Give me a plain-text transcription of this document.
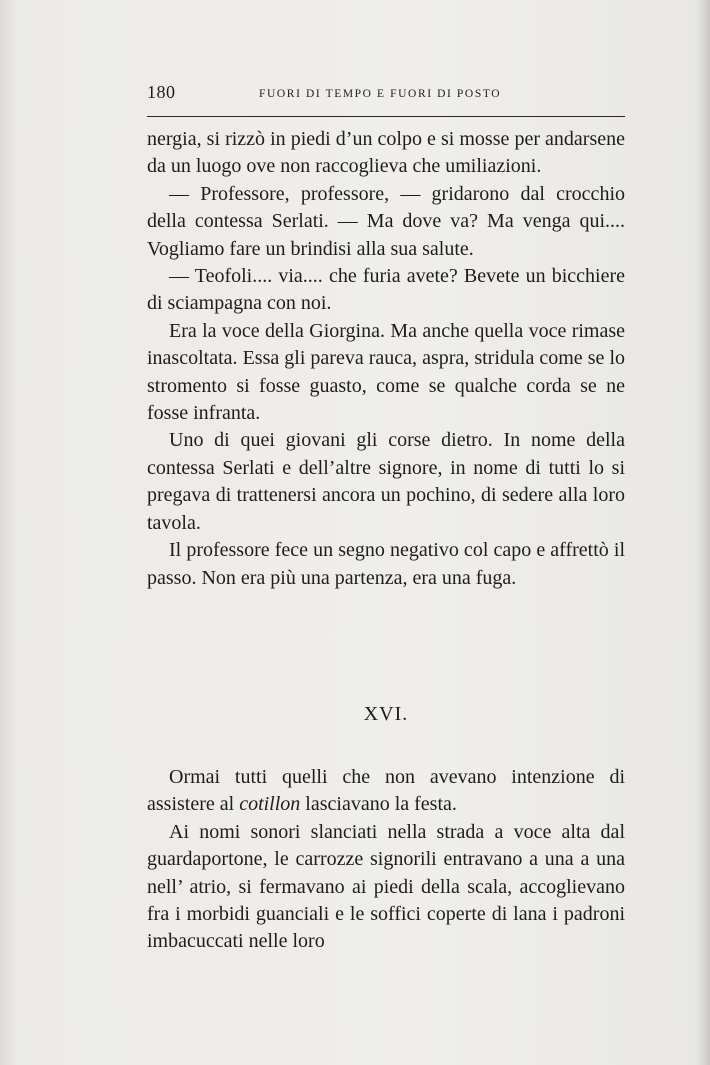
180	FUORI DI TEMPO E FUORI DI POSTO

nergia, si rizzò in piedi d’un colpo e si mosse per andarsene da un luogo ove non raccoglieva che umiliazioni.

— Professore, professore, — gridarono dal crocchio della contessa Serlati. — Ma dove va? Ma venga qui.... Vogliamo fare un brindisi alla sua salute.

— Teofoli.... via.... che furia avete? Bevete un bicchiere di sciampagna con noi.

Era la voce della Giorgina. Ma anche quella voce rimase inascoltata. Essa gli pareva rauca, aspra, stridula come se lo stromento si fosse guasto, come se qualche corda se ne fosse infranta.

Uno di quei giovani gli corse dietro. In nome della contessa Serlati e dell’altre signore, in nome di tutti lo si pregava di trattenersi ancora un pochino, di sedere alla loro tavola.

Il professore fece un segno negativo col capo e affrettò il passo. Non era più una partenza, era una fuga.

XVI.

Ormai tutti quelli che non avevano intenzione di assistere al cotillon lasciavano la festa.

Ai nomi sonori slanciati nella strada a voce alta dal guardaportone, le carrozze signorili entravano a una a una nell’ atrio, si fermavano ai piedi della scala, accoglievano fra i morbidi guanciali e le soffici coperte di lana i padroni imbacuccati nelle loro
